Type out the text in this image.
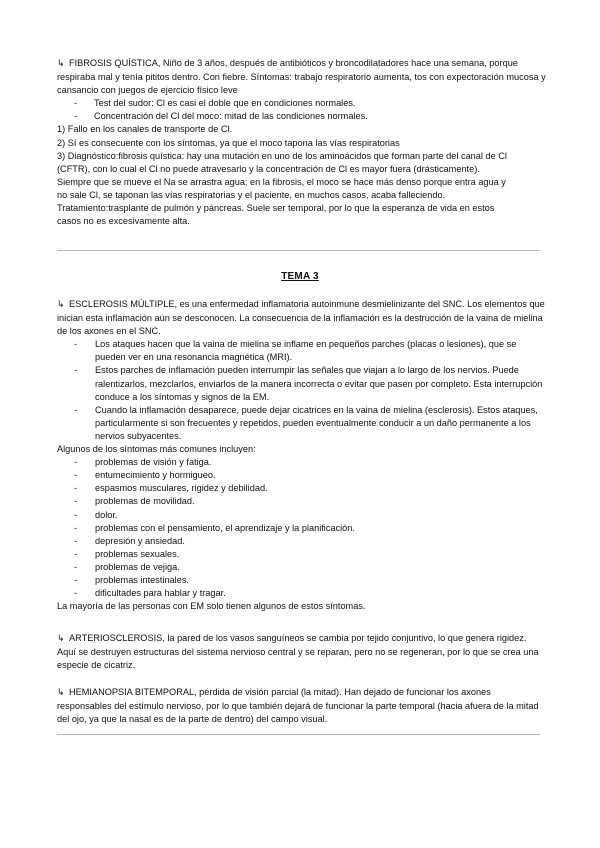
↳ FIBROSIS QUÍSTICA, Niño de 3 años, después de antibióticos y broncodilatadores hace una semana, porque respiraba mal y tenía pititos dentro. Con fiebre. Síntomas: trabajo respiratorio aumenta, tos con expectoración mucosa y cansancio con juegos de ejercicio físico leve

- Test del sudor: Cl es casi el doble que en condiciones normales.
- Concentración del Cl del moco: mitad de las condiciones normales.

1) Fallo en los canales de transporte de Cl.

2) Sí es consecuente con los síntomas, ya que el moco tapona las vías respiratorias

3) Diagnóstico:fibrosis quística: hay una mutación en uno de los aminoácidos que forman parte del canal de Cl (CFTR), con lo cual el Cl no puede atravesarlo y la concentración de Cl es mayor fuera (drásticamente). Siempre que se mueve el Na se arrastra agua; en la fibrosis, el moco se hace más denso porque entra agua y no sale Cl, se taponan las vías respiratorias y el paciente, en muchos casos, acaba falleciendo.

Tratamiento:trasplante de pulmón y páncreas. Suele ser temporal, por lo que la esperanza de vida en estos casos no es excesivamente alta.

TEMA 3

↳ ESCLEROSIS MÚLTIPLE, es una enfermedad inflamatoria autoinmune desmielinizante del SNC. Los elementos que inician esta inflamación aún se desconocen. La consecuencia de la inflamación es la destrucción de la vaina de mielina de los axones en el SNC.

- Los ataques hacen que la vaina de mielina se inflame en pequeños parches (placas o lesiones), que se pueden ver en una resonancia magnética (MRI).
- Estos parches de inflamación pueden interrumpir las señales que viajan a lo largo de los nervios. Puede ralentizarlos, mezclarlos, enviarlos de la manera incorrecta o evitar que pasen por completo. Esta interrupción conduce a los síntomas y signos de la EM.
- Cuando la inflamación desaparece, puede dejar cicatrices en la vaina de mielina (esclerosis). Estos ataques, particularmente si son frecuentes y repetidos, pueden eventualmente conducir a un daño permanente a los nervios subyacentes.

Algunos de los síntomas más comunes incluyen:

- problemas de visión y fatiga.
- entumecimiento y hormigueo.
- espasmos musculares, rigidez y debilidad.
- problemas de movilidad.
- dolor.
- problemas con el pensamiento, el aprendizaje y la planificación.
- depresión y ansiedad.
- problemas sexuales.
- problemas de vejiga.
- problemas intestinales.
- dificultades para hablar y tragar.

La mayoría de las personas con EM solo tienen algunos de estos síntomas.

↳ ARTERIOSCLEROSIS, la pared de los vasos sanguíneos se cambia por tejido conjuntivo, lo que genera rigidez. Aquí se destruyen estructuras del sistema nervioso central y se reparan, pero no se regeneran, por lo que se crea una especie de cicatriz.

↳ HEMIANOPSIA BITEMPORAL, pérdida de visión parcial (la mitad). Han dejado de funcionar los axones responsables del estímulo nervioso, por lo que también dejará de funcionar la parte temporal (hacia afuera de la mitad del ojo, ya que la nasal es de la parte de dentro) del campo visual.
